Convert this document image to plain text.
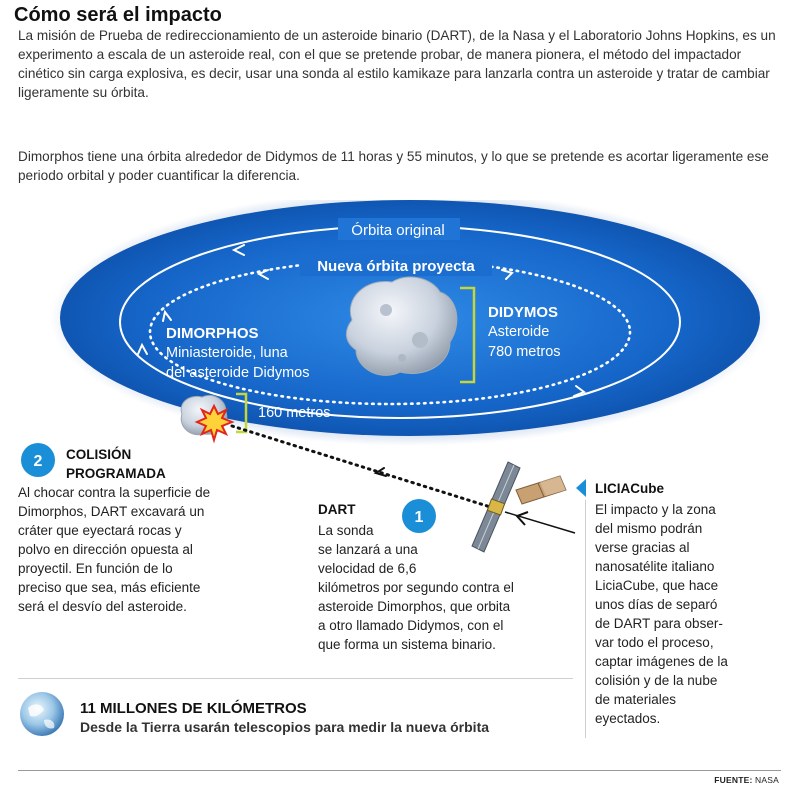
Cómo será el impacto
La misión de Prueba de redireccionamiento de un asteroide binario (DART), de la Nasa y el Laboratorio Johns Hopkins, es un experimento a escala de un asteroide real, con el que se pretende probar, de manera pionera, el método del impactador cinético sin carga explosiva, es decir, usar una sonda al estilo kamikaze para lanzarla contra un asteroide y tratar de cambiar ligeramente su órbita.
Dimorphos tiene una órbita alrededor de Didymos de 11 horas y 55 minutos, y lo que se pretende es acortar ligeramente ese periodo orbital y poder cuantificar la diferencia.
Órbita original
Nueva órbita proyecta
DIDYMOS
Asteroide
780 metros
DIMORPHOS
Miniasteroide, luna
del asteroide Didymos
160 metros
2
1
COLISIÓN
PROGRAMADA
Al chocar contra la superficie de
Dimorphos, DART excavará un
cráter que eyectará rocas y
polvo en dirección opuesta al
proyectil. En función de lo
preciso que sea, más eficiente
será el desvío del asteroide.
DART
La sonda
se lanzará a una
velocidad de 6,6
kilómetros por segundo contra el
asteroide Dimorphos, que orbita
a otro llamado Didymos, con el
que forma un sistema binario.
LICIACube
El impacto y la zona
del mismo podrán
verse gracias al
nanosatélite italiano
LiciaCube, que hace
unos días de separó
de DART para obser-
var todo el proceso,
captar imágenes de la
colisión y de la nube
de materiales
eyectados.
11 MILLONES DE KILÓMETROS
Desde la Tierra usarán telescopios para medir la nueva órbita
FUENTE: NASA
